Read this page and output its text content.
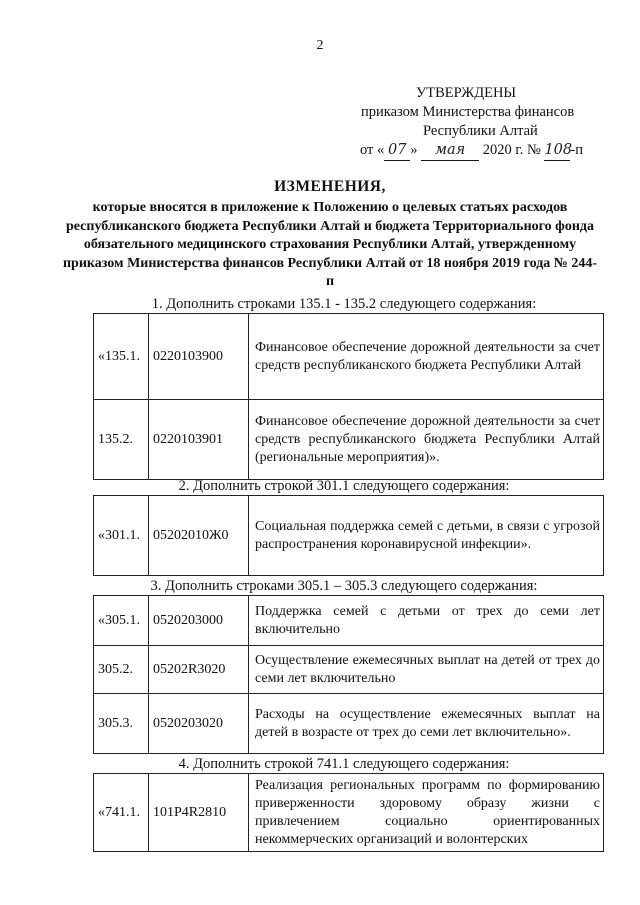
2
УТВЕРЖДЕНЫ
приказом Министерства финансов
Республики Алтай
от « 07 » мая 2020 г. № 108-п
ИЗМЕНЕНИЯ,
которые вносятся в приложение к Положению о целевых статьях расходов республиканского бюджета Республики Алтай и бюджета Территориального фонда обязательного медицинского страхования Республики Алтай, утвержденному приказом Министерства финансов Республики Алтай от 18 ноября 2019 года № 244-п
1. Дополнить строками 135.1 - 135.2 следующего содержания:
«135.1.	0220103900	Финансовое обеспечение дорожной деятельности за счет средств республиканского бюджета Республики Алтай
135.2.	0220103901	Финансовое обеспечение дорожной деятельности за счет средств республиканского бюджета Республики Алтай (региональные мероприятия)».
2. Дополнить строкой 301.1 следующего содержания:
«301.1.	05202010Ж0	Социальная поддержка семей с детьми, в связи с угрозой распространения коронавирусной инфекции».
3. Дополнить строками 305.1 – 305.3 следующего содержания:
«305.1.	0520203000	Поддержка семей с детьми от трех до семи лет включительно
305.2.	05202R3020	Осуществление ежемесячных выплат на детей от трех до семи лет включительно
305.3.	0520203020	Расходы на осуществление ежемесячных выплат на детей в возрасте от трех до семи лет включительно».
4. Дополнить строкой 741.1 следующего содержания:
«741.1.	101P4R2810	Реализация региональных программ по формированию приверженности здоровому образу жизни с привлечением социально ориентированных некоммерческих организаций и волонтерских
